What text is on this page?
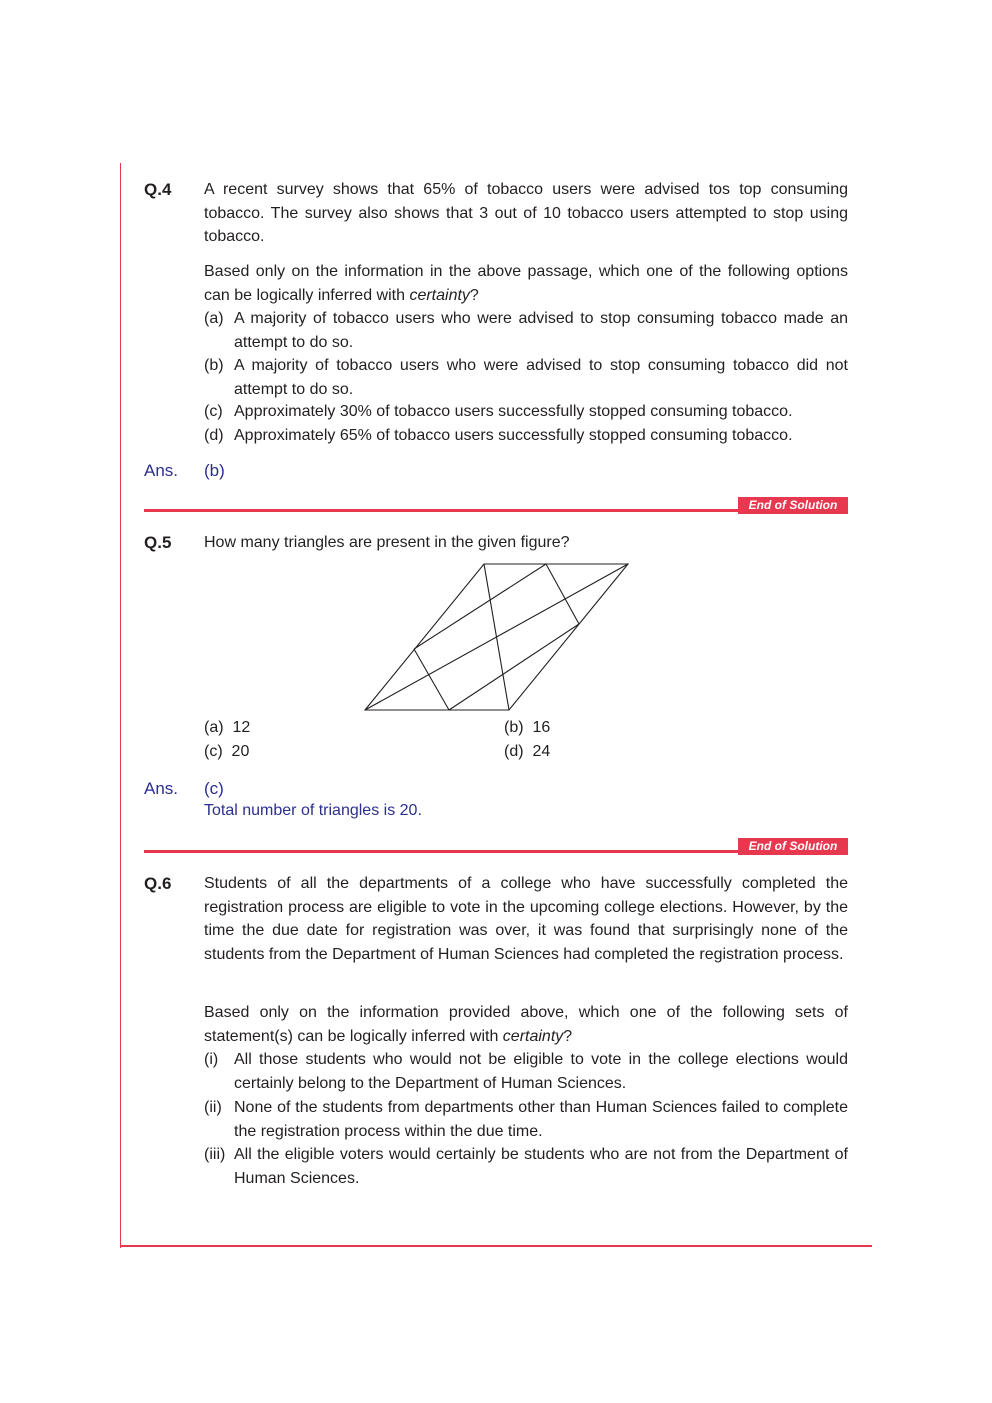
Q.4 A recent survey shows that 65% of tobacco users were advised tos top consuming tobacco. The survey also shows that 3 out of 10 tobacco users attempted to stop using tobacco.

Based only on the information in the above passage, which one of the following options can be logically inferred with certainty?

(a) A majority of tobacco users who were advised to stop consuming tobacco made an attempt to do so.
(b) A majority of tobacco users who were advised to stop consuming tobacco did not attempt to do so.
(c) Approximately 30% of tobacco users successfully stopped consuming tobacco.
(d) Approximately 65% of tobacco users successfully stopped consuming tobacco.
Ans. (b)
End of Solution
Q.5 How many triangles are present in the given figure?
(a) 12	(b) 16
(c) 20	(d) 24
Ans. (c)
Total number of triangles is 20.
End of Solution
Q.6 Students of all the departments of a college who have successfully completed the registration process are eligible to vote in the upcoming college elections. However, by the time the due date for registration was over, it was found that surprisingly none of the students from the Department of Human Sciences had completed the registration process.

Based only on the information provided above, which one of the following sets of statement(s) can be logically inferred with certainty?

(i) All those students who would not be eligible to vote in the college elections would certainly belong to the Department of Human Sciences.
(ii) None of the students from departments other than Human Sciences failed to complete the registration process within the due time.
(iii) All the eligible voters would certainly be students who are not from the Department of Human Sciences.
